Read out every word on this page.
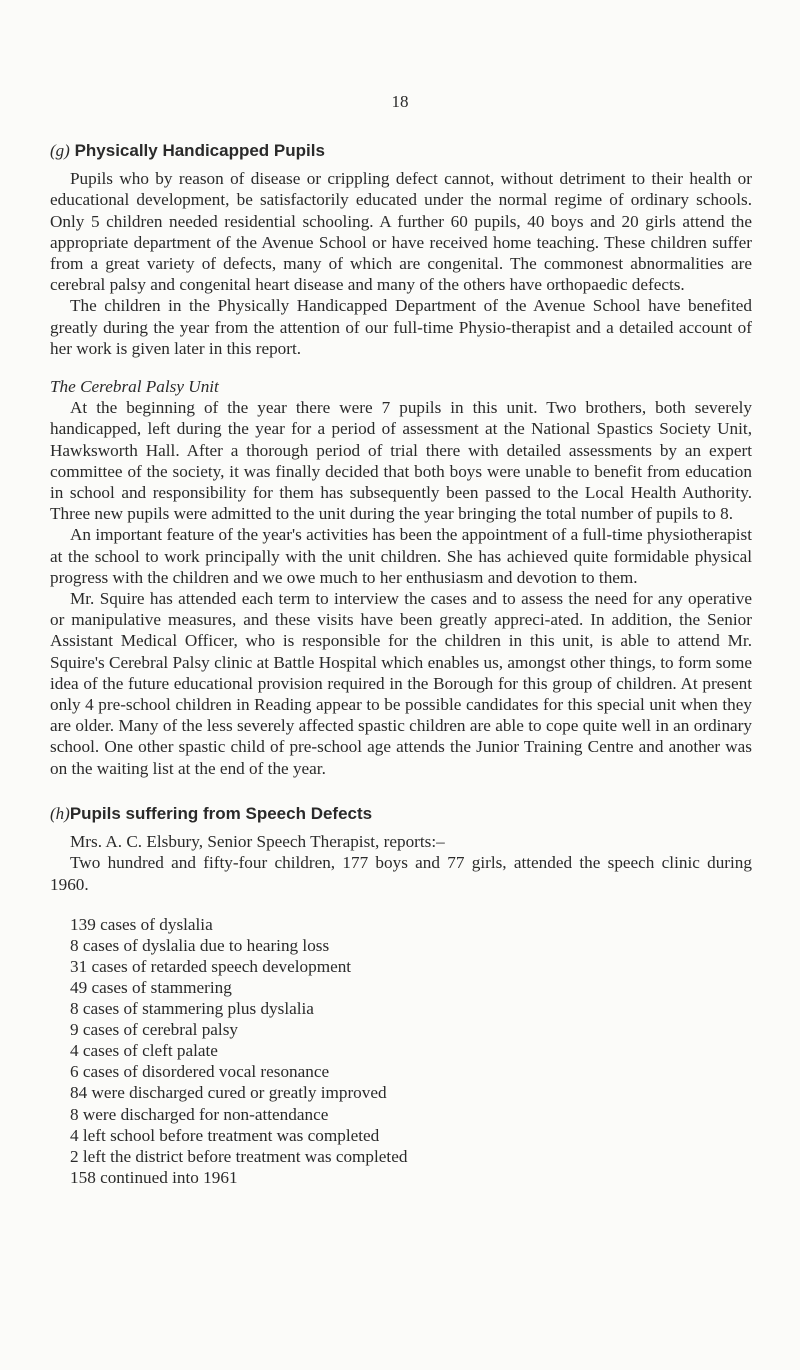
18
(g) Physically Handicapped Pupils

Pupils who by reason of disease or crippling defect cannot, without detriment to their health or educational development, be satisfactorily educated under the normal regime of ordinary schools. Only 5 children needed residential schooling. A further 60 pupils, 40 boys and 20 girls attend the appropriate department of the Avenue School or have received home teaching. These children suffer from a great variety of defects, many of which are congenital. The commonest abnormalities are cerebral palsy and congenital heart disease and many of the others have orthopaedic defects.

The children in the Physically Handicapped Department of the Avenue School have benefited greatly during the year from the attention of our full-time Physio-therapist and a detailed account of her work is given later in this report.

The Cerebral Palsy Unit

At the beginning of the year there were 7 pupils in this unit. Two brothers, both severely handicapped, left during the year for a period of assessment at the National Spastics Society Unit, Hawksworth Hall. After a thorough period of trial there with detailed assessments by an expert committee of the society, it was finally decided that both boys were unable to benefit from education in school and responsibility for them has subsequently been passed to the Local Health Authority. Three new pupils were admitted to the unit during the year bringing the total number of pupils to 8.

An important feature of the year's activities has been the appointment of a full-time physiotherapist at the school to work principally with the unit children. She has achieved quite formidable physical progress with the children and we owe much to her enthusiasm and devotion to them.

Mr. Squire has attended each term to interview the cases and to assess the need for any operative or manipulative measures, and these visits have been greatly appreci-ated. In addition, the Senior Assistant Medical Officer, who is responsible for the children in this unit, is able to attend Mr. Squire's Cerebral Palsy clinic at Battle Hospital which enables us, amongst other things, to form some idea of the future educational provision required in the Borough for this group of children. At present only 4 pre-school children in Reading appear to be possible candidates for this special unit when they are older. Many of the less severely affected spastic children are able to cope quite well in an ordinary school. One other spastic child of pre-school age attends the Junior Training Centre and another was on the waiting list at the end of the year.

(h)Pupils suffering from Speech Defects

Mrs. A. C. Elsbury, Senior Speech Therapist, reports:–

Two hundred and fifty-four children, 177 boys and 77 girls, attended the speech clinic during 1960.

139 cases of dyslalia
8 cases of dyslalia due to hearing loss
31 cases of retarded speech development
49 cases of stammering
8 cases of stammering plus dyslalia
9 cases of cerebral palsy
4 cases of cleft palate
6 cases of disordered vocal resonance
84 were discharged cured or greatly improved
8 were discharged for non-attendance
4 left school before treatment was completed
2 left the district before treatment was completed
158 continued into 1961
